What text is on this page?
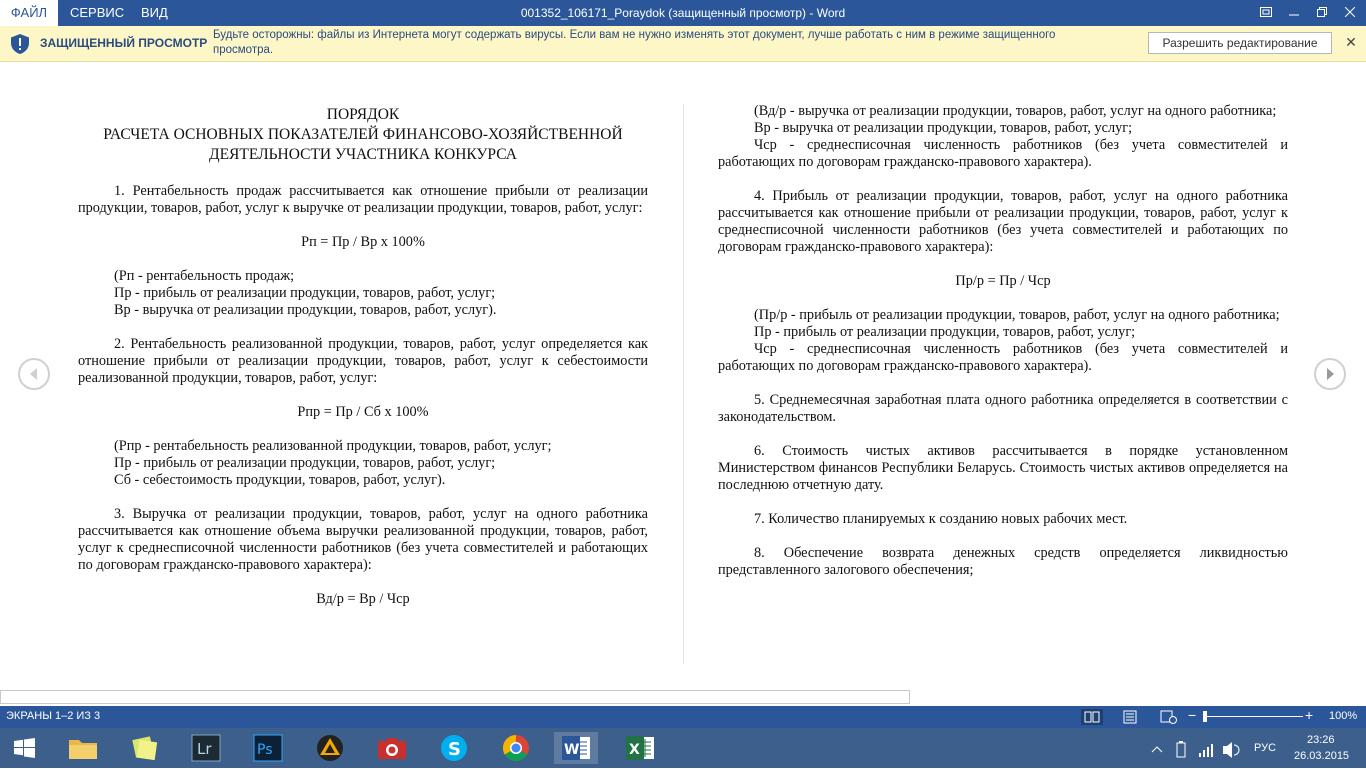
ФАЙЛ	СЕРВИС ВИД	001352_106171_Poraydok (защищенный просмотр) - Word
ЗАЩИЩЕННЫЙ ПРОСМОТР
Будьте осторожны: файлы из Интернета могут содержать вирусы. Если вам не нужно изменять этот документ, лучше работать с ним в режиме защищенного просмотра.	Разрешить редактирование	✕

ПОРЯДОК

РАСЧЕТА ОСНОВНЫХ ПОКАЗАТЕЛЕЙ ФИНАНСОВО-ХОЗЯЙСТВЕННОЙ

ДЕЯТЕЛЬНОСТИ УЧАСТНИКА КОНКУРСА

1. Рентабельность продаж рассчитывается как отношение прибыли от реализации продукции, товаров, работ, услуг к выручке от реализации продукции, товаров, работ, услуг:

Рп = Пр / Вр х 100%

(Рп - рентабельность продаж;

Пр - прибыль от реализации продукции, товаров, работ, услуг;

Вр - выручка от реализации продукции, товаров, работ, услуг).

2. Рентабельность реализованной продукции, товаров, работ, услуг определяется как отношение прибыли от реализации продукции, товаров, работ, услуг к себестоимости реализованной продукции, товаров, работ, услуг:

Рпр = Пр / Сб х 100%

(Рпр - рентабельность реализованной продукции, товаров, работ, услуг;

Пр - прибыль от реализации продукции, товаров, работ, услуг;

Сб - себестоимость продукции, товаров, работ, услуг).

3. Выручка от реализации продукции, товаров, работ, услуг на одного работника рассчитывается как отношение объема выручки реализованной продукции, товаров, работ, услуг к среднесписочной численности работников (без учета совместителей и работающих по договорам гражданско-правового характера):

Вд/р = Вр / Чср

(Вд/р - выручка от реализации продукции, товаров, работ, услуг на одного работника;

Вр - выручка от реализации продукции, товаров, работ, услуг;

Чср - среднесписочная численность работников (без учета совместителей и работающих по договорам гражданско-правового характера).

4. Прибыль от реализации продукции, товаров, работ, услуг на одного работника рассчитывается как отношение прибыли от реализации продукции, товаров, работ, услуг к среднесписочной численности работников (без учета совместителей и работающих по договорам гражданско-правового характера):

Пр/р = Пр / Чср

(Пр/р - прибыль от реализации продукции, товаров, работ, услуг на одного работника;

Пр - прибыль от реализации продукции, товаров, работ, услуг;

Чср - среднесписочная численность работников (без учета совместителей и работающих по договорам гражданско-правового характера).

5. Среднемесячная заработная плата одного работника определяется в соответствии с законодательством.

6. Стоимость чистых активов рассчитывается в порядке установленном Министерством финансов Республики Беларусь. Стоимость чистых активов определяется на последнюю отчетную дату.

7. Количество планируемых к созданию новых рабочих мест.

8. Обеспечение возврата денежных средств определяется ликвидностью представленного залогового обеспечения;

ЭКРАНЫ 1–2 ИЗ 3	−	+ 100%
Lr	Ps	S	W	X	РУС
23:26
26.03.2015
